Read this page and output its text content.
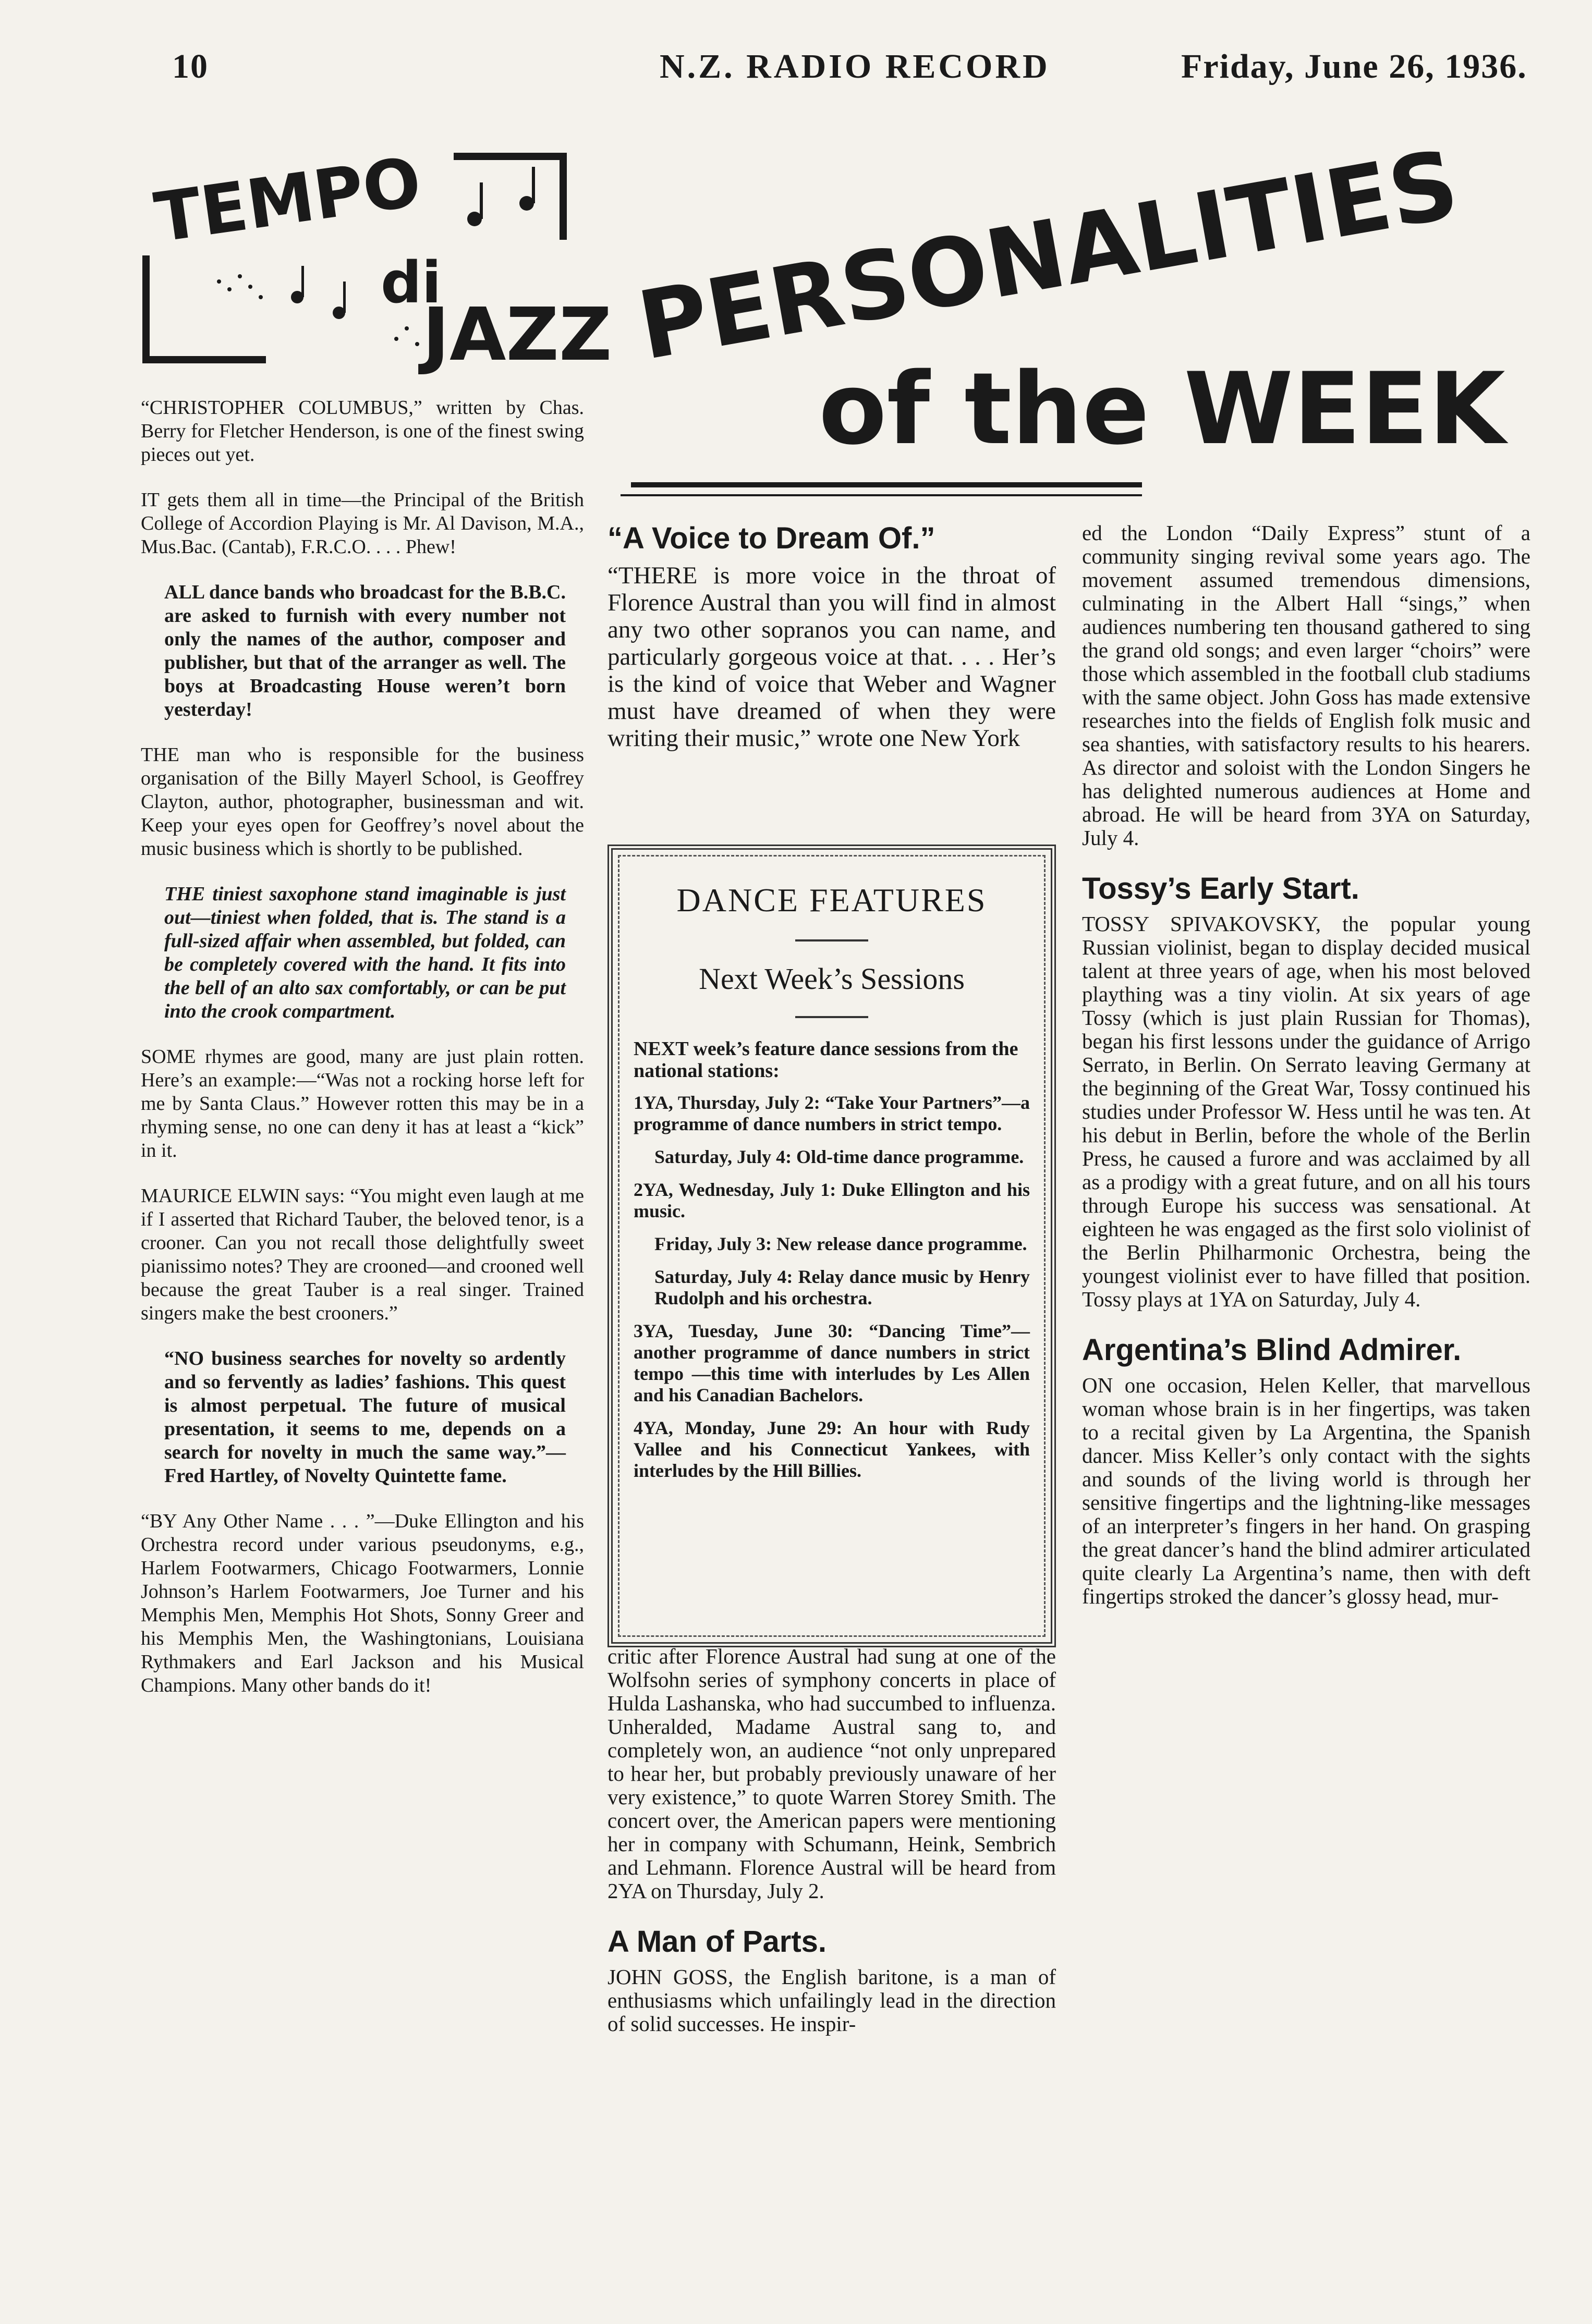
10	N.Z. RADIO RECORD	Friday, June 26, 1936.
TEMPO
di
JAZZ PERSONALITIES
of the WEEK

“CHRISTOPHER COLUMBUS,” written by Chas. Berry for Fletcher Henderson, is one of the finest swing pieces out yet.

IT gets them all in time—the Principal of the British College of Accordion Playing is Mr. Al Davison, M.A., Mus.Bac. (Cantab), F.R.C.O. . . . Phew!

ALL dance bands who broadcast for the B.B.C. are asked to furnish with every number not only the names of the author, composer and publisher, but that of the arranger as well. The boys at Broadcasting House weren’t born yesterday!

THE man who is responsible for the business organisation of the Billy Mayerl School, is Geoffrey Clayton, author, photographer, businessman and wit. Keep your eyes open for Geoffrey’s novel about the music business which is shortly to be published.

THE tiniest saxophone stand imaginable is just out—tiniest when folded, that is. The stand is a full-sized affair when assembled, but folded, can be completely covered with the hand. It fits into the bell of an alto sax comfortably, or can be put into the crook compartment.

SOME rhymes are good, many are just plain rotten. Here’s an example:—“Was not a rocking horse left for me by Santa Claus.” However rotten this may be in a rhyming sense, no one can deny it has at least a “kick” in it.

MAURICE ELWIN says: “You might even laugh at me if I asserted that Richard Tauber, the beloved tenor, is a crooner. Can you not recall those delightfully sweet pianissimo notes? They are crooned—and crooned well because the great Tauber is a real singer. Trained singers make the best crooners.”

“NO business searches for novelty so ardently and so fervently as ladies’ fashions. This quest is almost perpetual. The future of musical presentation, it seems to me, depends on a search for novelty in much the same way.”—Fred Hartley, of Novelty Quintette fame.

“BY Any Other Name . . . ”—Duke Ellington and his Orchestra record under various pseudonyms, e.g., Harlem Footwarmers, Chicago Footwarmers, Lonnie Johnson’s Harlem Footwarmers, Joe Turner and his Memphis Men, Memphis Hot Shots, Sonny Greer and his Memphis Men, the Washingtonians, Louisiana Rythmakers and Earl Jackson and his Musical Champions. Many other bands do it!

“A Voice to Dream Of.”

“THERE is more voice in the throat of Florence Austral than you will find in almost any two other sopranos you can name, and particularly gorgeous voice at that. . . . Her’s is the kind of voice that Weber and Wagner must have dreamed of when they were writing their music,” wrote one New York

DANCE FEATURES
Next Week’s Sessions

NEXT week’s feature dance sessions from the national stations:

1YA, Thursday, July 2: “Take Your Partners”—a programme of dance numbers in strict tempo.

Saturday, July 4: Old-time dance programme.

2YA, Wednesday, July 1: Duke Ellington and his music.

Friday, July 3: New release dance programme.

Saturday, July 4: Relay dance music by Henry Rudolph and his orchestra.

3YA, Tuesday, June 30: “Dancing Time”—another programme of dance numbers in strict tempo —this time with interludes by Les Allen and his Canadian Bachelors.

4YA, Monday, June 29: An hour with Rudy Vallee and his Connecticut Yankees, with interludes by the Hill Billies.

critic after Florence Austral had sung at one of the Wolfsohn series of symphony concerts in place of Hulda Lashanska, who had succumbed to influenza. Unheralded, Madame Austral sang to, and completely won, an audience “not only unprepared to hear her, but probably previously unaware of her very existence,” to quote Warren Storey Smith. The concert over, the American papers were mentioning her in company with Schumann, Heink, Sembrich and Lehmann. Florence Austral will be heard from 2YA on Thursday, July 2.

A Man of Parts.

JOHN GOSS, the English baritone, is a man of enthusiasms which unfailingly lead in the direction of solid successes. He inspir-

ed the London “Daily Express” stunt of a community singing revival some years ago. The movement assumed tremendous dimensions, culminating in the Albert Hall “sings,” when audiences numbering ten thousand gathered to sing the grand old songs; and even larger “choirs” were those which assembled in the football club stadiums with the same object. John Goss has made extensive researches into the fields of English folk music and sea shanties, with satisfactory results to his hearers. As director and soloist with the London Singers he has delighted numerous audiences at Home and abroad. He will be heard from 3YA on Saturday, July 4.

Tossy’s Early Start.

TOSSY SPIVAKOVSKY, the popular young Russian violinist, began to display decided musical talent at three years of age, when his most beloved plaything was a tiny violin. At six years of age Tossy (which is just plain Russian for Thomas), began his first lessons under the guidance of Arrigo Serrato, in Berlin. On Serrato leaving Germany at the beginning of the Great War, Tossy continued his studies under Professor W. Hess until he was ten. At his debut in Berlin, before the whole of the Berlin Press, he caused a furore and was acclaimed by all as a prodigy with a great future, and on all his tours through Europe his success was sensational. At eighteen he was engaged as the first solo violinist of the Berlin Philharmonic Orchestra, being the youngest violinist ever to have filled that position. Tossy plays at 1YA on Saturday, July 4.

Argentina’s Blind Admirer.

ON one occasion, Helen Keller, that marvellous woman whose brain is in her fingertips, was taken to a recital given by La Argentina, the Spanish dancer. Miss Keller’s only contact with the sights and sounds of the living world is through her sensitive fingertips and the lightning-like messages of an interpreter’s fingers in her hand. On grasping the great dancer’s hand the blind admirer articulated quite clearly La Argentina’s name, then with deft fingertips stroked the dancer’s glossy head, mur-
